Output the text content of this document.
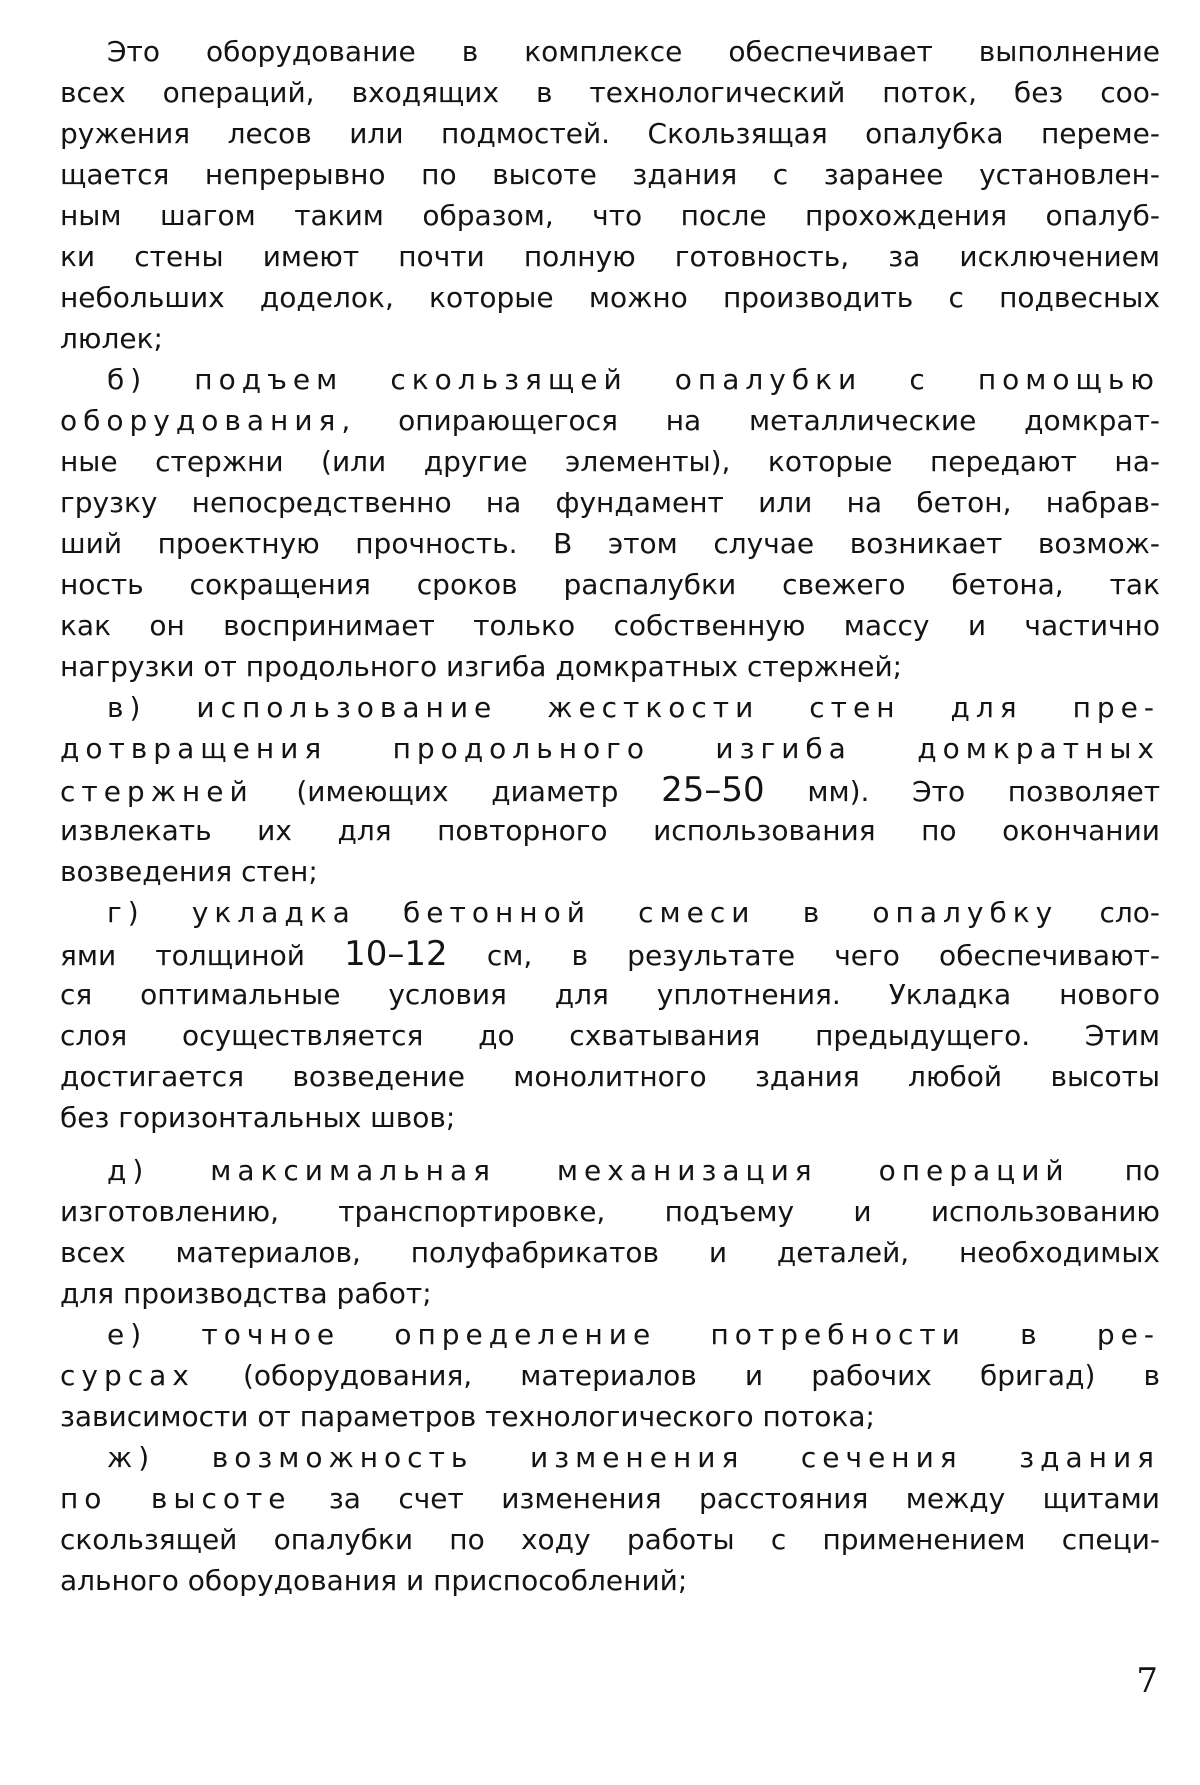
Это оборудование в комплексе обеспечивает выполнение

всех операций, входящих в технологический поток, без соо-

ружения лесов или подмостей. Скользящая опалубка переме-

щается непрерывно по высоте здания с заранее установлен-

ным шагом таким образом, что после прохождения опалуб-

ки стены имеют почти полную готовность, за исключением

небольших доделок, которые можно производить с подвесных

люлек;

б) подъем скользящей опалубки с помощью

оборудования, опирающегося на металлические домкрат-

ные стержни (или другие элементы), которые передают на-

грузку непосредственно на фундамент или на бетон, набрав-

ший проектную прочность. В этом случае возникает возмож-

ность сокращения сроков распалубки свежего бетона, так

как он воспринимает только собственную массу и частично

нагрузки от продольного изгиба домкратных стержней;

в) использование жесткости стен для пре-

дотвращения продольного изгиба домкратных

стержней (имеющих диаметр 25–50 мм). Это позволяет

извлекать их для повторного использования по окончании

возведения стен;

г) укладка бетонной смеси в опалубку сло-

ями толщиной 10–12 см, в результате чего обеспечивают-

ся оптимальные условия для уплотнения. Укладка нового

слоя осуществляется до схватывания предыдущего. Этим

достигается возведение монолитного здания любой высоты

без горизонтальных швов;

д) максимальная механизация операций по

изготовлению, транспортировке, подъему и использованию

всех материалов, полуфабрикатов и деталей, необходимых

для производства работ;

е) точное определение потребности в ре-

сурсах (оборудования, материалов и рабочих бригад) в

зависимости от параметров технологического потока;

ж) возможность изменения сечения здания

по высоте за счет изменения расстояния между щитами

скользящей опалубки по ходу работы с применением специ-

ального оборудования и приспособлений;

7
